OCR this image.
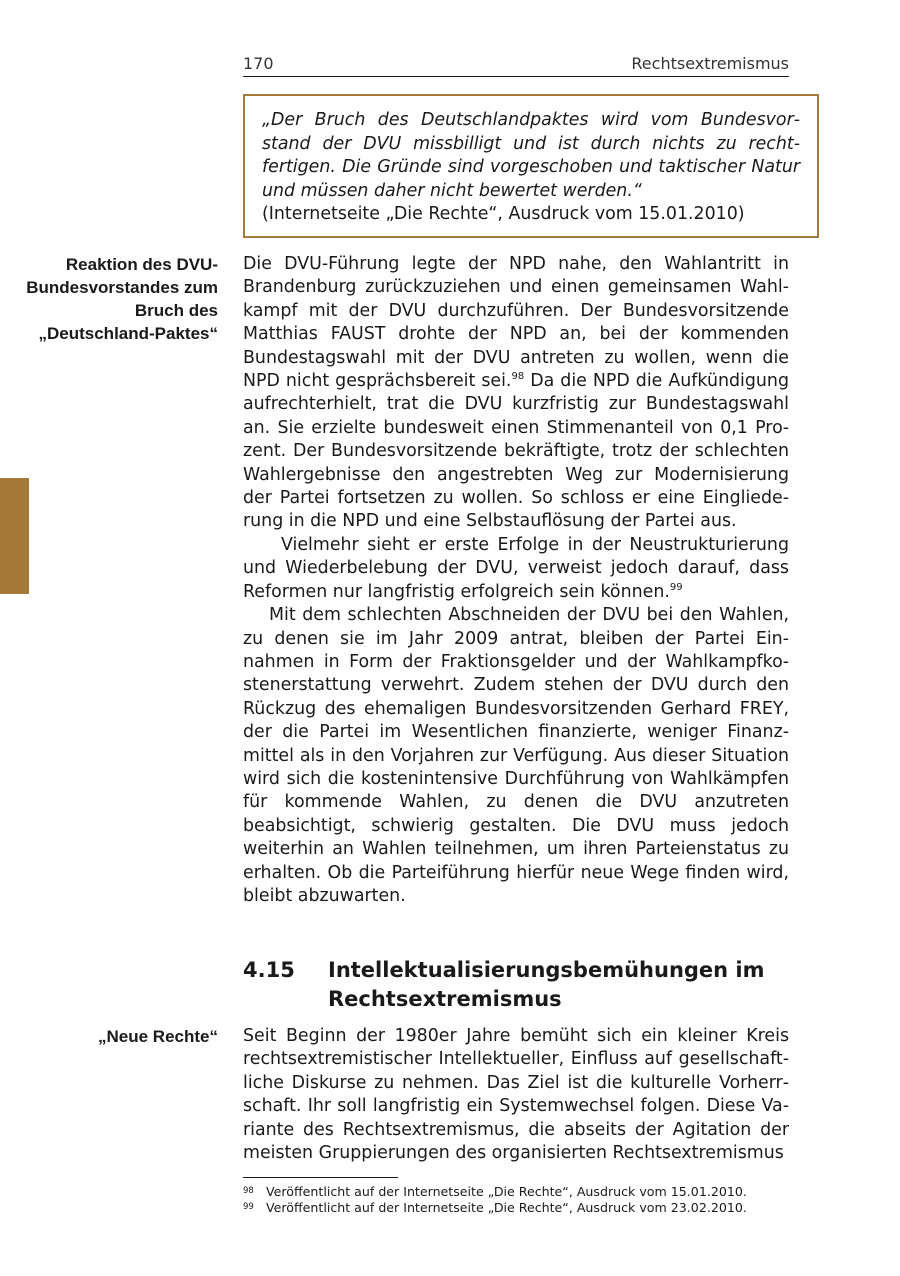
170	Rechtsextremismus

„Der Bruch des Deutschlandpaktes wird vom Bundesvorstand der DVU missbilligt und ist durch nichts zu rechtfertigen. Die Gründe sind vorgeschoben und taktischer Natur und müssen daher nicht bewertet werden.“

(Internetseite „Die Rechte“, Ausdruck vom 15.01.2010)

Reaktion des DVU-Bundesvorstandes zum Bruch des „Deutschland-Paktes“

Die DVU-Führung legte der NPD nahe, den Wahlantritt in Brandenburg zurückzuziehen und einen gemeinsamen Wahlkampf mit der DVU durchzuführen. Der Bundesvorsitzende Matthias FAUST drohte der NPD an, bei der kommenden Bundestagswahl mit der DVU antreten zu wollen, wenn die NPD nicht gesprächsbereit sei.$^{98}$ Da die NPD die Aufkündigung aufrechterhielt, trat die DVU kurzfristig zur Bundestagswahl an. Sie erzielte bundesweit einen Stimmenanteil von 0,1 Prozent. Der Bundesvorsitzende bekräftigte, trotz der schlechten Wahlergebnisse den angestrebten Weg zur Modernisierung der Partei fortsetzen zu wollen. So schloss er eine Eingliederung in die NPD und eine Selbstauflösung der Partei aus.

Vielmehr sieht er erste Erfolge in der Neustrukturierung und Wiederbelebung der DVU, verweist jedoch darauf, dass Reformen nur langfristig erfolgreich sein können.$^{99}$

Mit dem schlechten Abschneiden der DVU bei den Wahlen, zu denen sie im Jahr 2009 antrat, bleiben der Partei Einnahmen in Form der Fraktionsgelder und der Wahlkampfkostenerstattung verwehrt. Zudem stehen der DVU durch den Rückzug des ehemaligen Bundesvorsitzenden Gerhard FREY, der die Partei im Wesentlichen finanzierte, weniger Finanzmittel als in den Vorjahren zur Verfügung. Aus dieser Situation wird sich die kostenintensive Durchführung von Wahlkämpfen für kommende Wahlen, zu denen die DVU anzutreten beabsichtigt, schwierig gestalten. Die DVU muss jedoch weiterhin an Wahlen teilnehmen, um ihren Parteienstatus zu erhalten. Ob die Parteiführung hierfür neue Wege finden wird, bleibt abzuwarten.

4.15 Intellektualisierungsbemühungen im Rechtsextremismus
„Neue Rechte“ Seit Beginn der 1980er Jahre bemüht sich ein kleiner Kreis rechtsextremistischer Intellektueller, Einfluss auf gesellschaftliche Diskurse zu nehmen. Das Ziel ist die kulturelle Vorherrschaft. Ihr soll langfristig ein Systemwechsel folgen. Diese Variante des Rechtsextremismus, die abseits der Agitation der meisten Gruppierungen des organisierten Rechtsextremismus

98 Veröffentlicht auf der Internetseite „Die Rechte“, Ausdruck vom 15.01.2010.
99 Veröffentlicht auf der Internetseite „Die Rechte“, Ausdruck vom 23.02.2010.
